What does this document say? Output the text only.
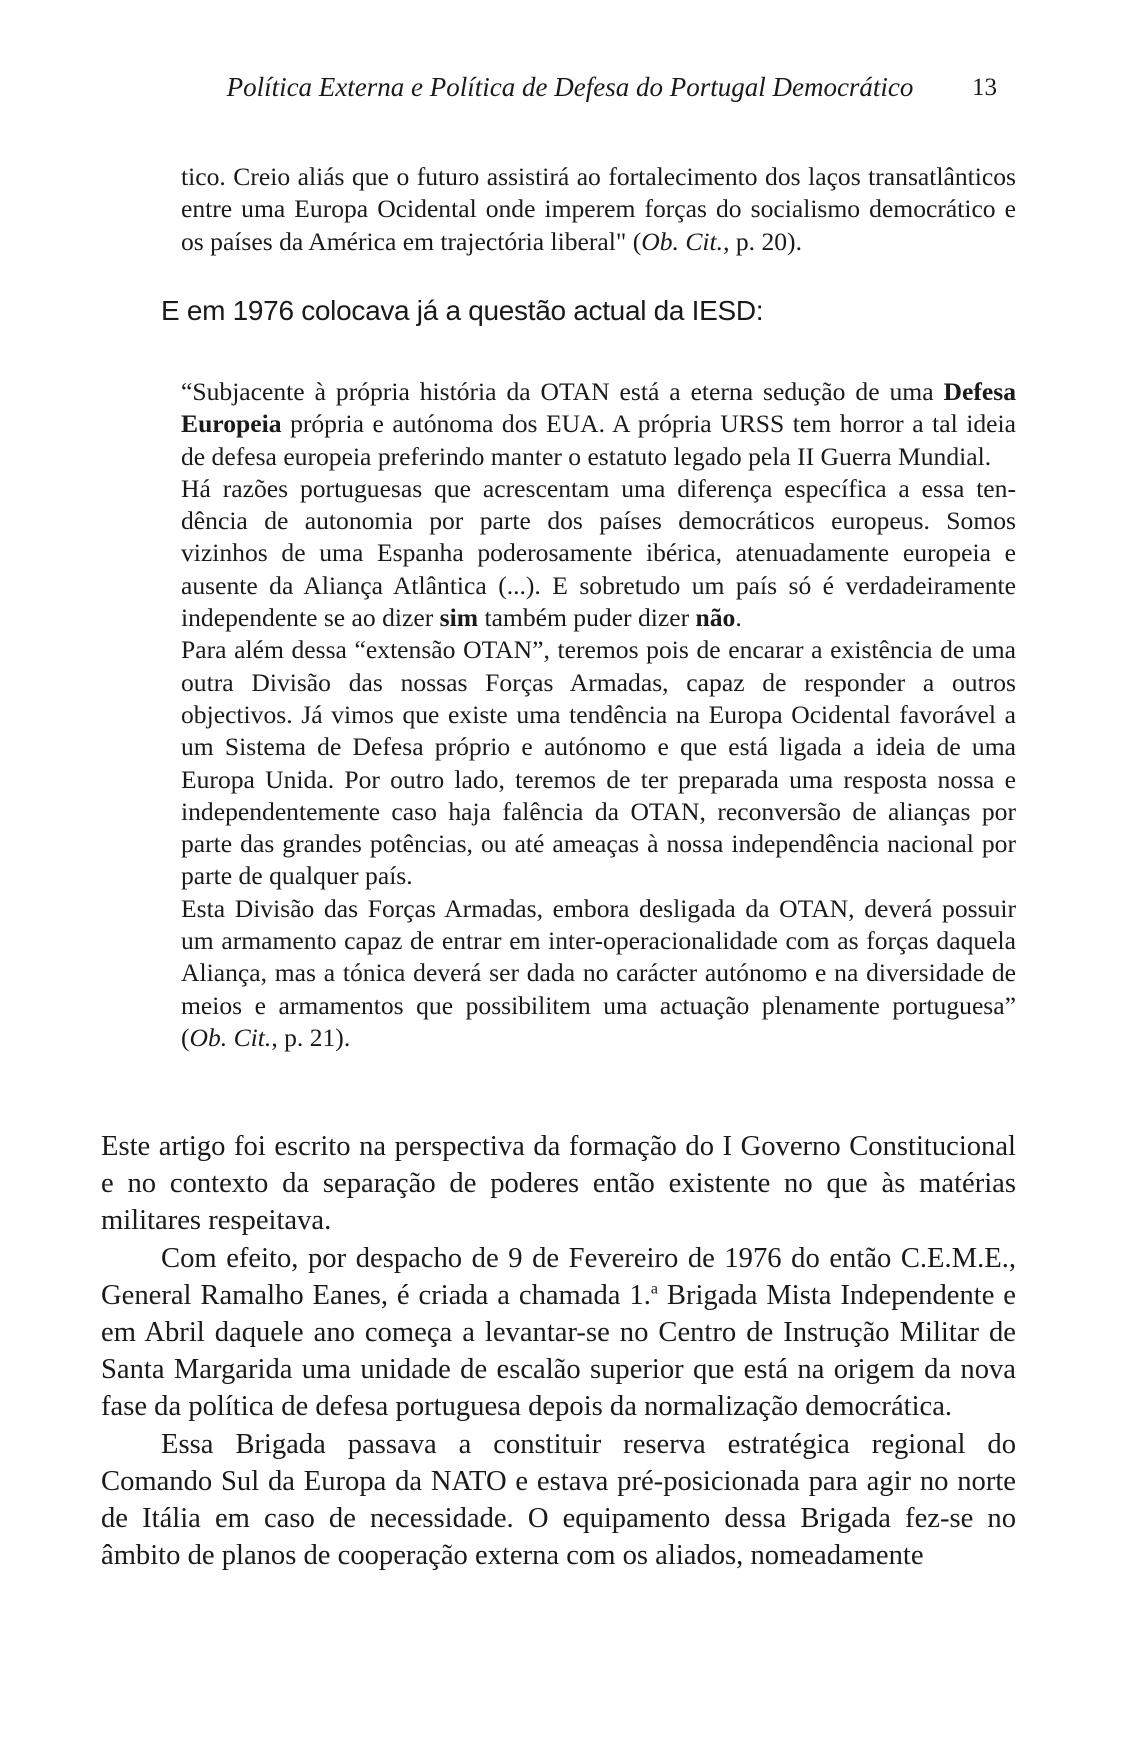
Política Externa e Política de Defesa do Portugal Democrático 13

tico. Creio aliás que o futuro assistirá ao fortalecimento dos laços transatlânticos entre uma Europa Ocidental onde imperem forças do socialismo democrático e os países da América em trajectória liberal" (Ob. Cit., p. 20).

E em 1976 colocava já a questão actual da IESD:

“Subjacente à própria história da OTAN está a eterna sedução de uma Defesa Europeia própria e autónoma dos EUA. A própria URSS tem horror a tal ideia de defesa europeia preferindo manter o estatuto legado pela II Guerra Mundial.

Há razões portuguesas que acrescentam uma diferença específica a essa tendência de autonomia por parte dos países democráticos europeus. Somos vizinhos de uma Espanha poderosamente ibérica, atenuadamente europeia e ausente da Aliança Atlântica (...). E sobretudo um país só é verdadeiramente independente se ao dizer sim também puder dizer não.

Para além dessa “extensão OTAN”, teremos pois de encarar a existência de uma outra Divisão das nossas Forças Armadas, capaz de responder a outros objectivos. Já vimos que existe uma tendência na Europa Ocidental favorável a um Sistema de Defesa próprio e autónomo e que está ligada a ideia de uma Europa Unida. Por outro lado, teremos de ter preparada uma resposta nossa e independentemente caso haja falência da OTAN, reconversão de alianças por parte das grandes potências, ou até ameaças à nossa independência nacional por parte de qualquer país.

Esta Divisão das Forças Armadas, embora desligada da OTAN, deverá possuir um armamento capaz de entrar em inter-operacionalidade com as forças daquela Aliança, mas a tónica deverá ser dada no carácter autónomo e na diversidade de meios e armamentos que possibilitem uma actuação plenamente portuguesa” (Ob. Cit., p. 21).

Este artigo foi escrito na perspectiva da formação do I Governo Constitucional e no contexto da separação de poderes então existente no que às matérias militares respeitava.

Com efeito, por despacho de 9 de Fevereiro de 1976 do então C.E.M.E., General Ramalho Eanes, é criada a chamada 1.$^a$ Brigada Mista Independente e em Abril daquele ano começa a levantar-se no Centro de Instrução Militar de Santa Margarida uma unidade de escalão superior que está na origem da nova fase da política de defesa portuguesa depois da normalização democrática.

Essa Brigada passava a constituir reserva estratégica regional do Comando Sul da Europa da NATO e estava pré-posicionada para agir no norte de Itália em caso de necessidade. O equipamento dessa Brigada fez-se no âmbito de planos de cooperação externa com os aliados, nomeadamente
